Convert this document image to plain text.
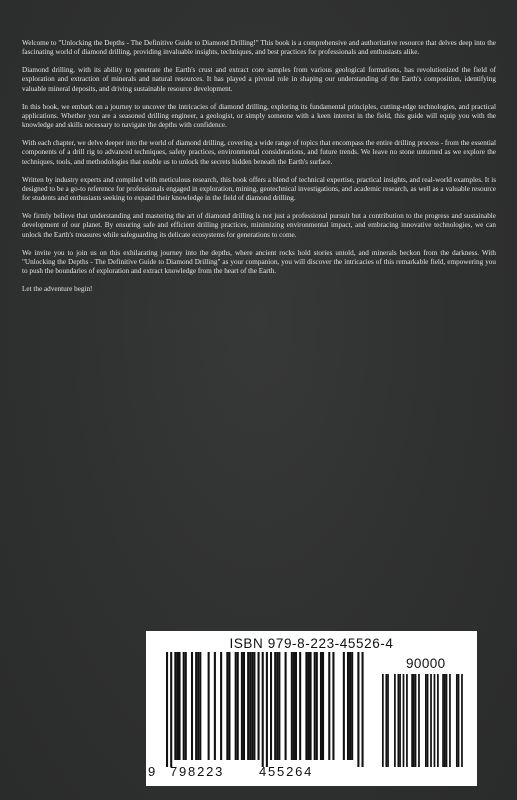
Welcome to "Unlocking the Depths - The Definitive Guide to Diamond Drilling!" This book is a comprehensive and authoritative resource that delves deep into the fascinating world of diamond drilling, providing invaluable insights, techniques, and best practices for professionals and enthusiasts alike.

Diamond drilling, with its ability to penetrate the Earth's crust and extract core samples from various geological formations, has revolutionized the field of exploration and extraction of minerals and natural resources. It has played a pivotal role in shaping our understanding of the Earth's composition, identifying valuable mineral deposits, and driving sustainable resource development.

In this book, we embark on a journey to uncover the intricacies of diamond drilling, exploring its fundamental principles, cutting-edge technologies, and practical applications. Whether you are a seasoned drilling engineer, a geologist, or simply someone with a keen interest in the field, this guide will equip you with the knowledge and skills necessary to navigate the depths with confidence.

With each chapter, we delve deeper into the world of diamond drilling, covering a wide range of topics that encompass the entire drilling process - from the essential components of a drill rig to advanced techniques, safety practices, environmental considerations, and future trends. We leave no stone unturned as we explore the techniques, tools, and methodologies that enable us to unlock the secrets hidden beneath the Earth's surface.

Written by industry experts and compiled with meticulous research, this book offers a blend of technical expertise, practical insights, and real-world examples. It is designed to be a go-to reference for professionals engaged in exploration, mining, geotechnical investigations, and academic research, as well as a valuable resource for students and enthusiasts seeking to expand their knowledge in the field of diamond drilling.

We firmly believe that understanding and mastering the art of diamond drilling is not just a professional pursuit but a contribution to the progress and sustainable development of our planet. By ensuring safe and efficient drilling practices, minimizing environmental impact, and embracing innovative technologies, we can unlock the Earth's treasures while safeguarding its delicate ecosystems for generations to come.

We invite you to join us on this exhilarating journey into the depths, where ancient rocks hold stories untold, and minerals beckon from the darkness. With "Unlocking the Depths - The Definitive Guide to Diamond Drilling" as your companion, you will discover the intricacies of this remarkable field, empowering you to push the boundaries of exploration and extract knowledge from the heart of the Earth.

Let the adventure begin!

ISBN 979-8-223-45526-4
90000
9 798223	455264
